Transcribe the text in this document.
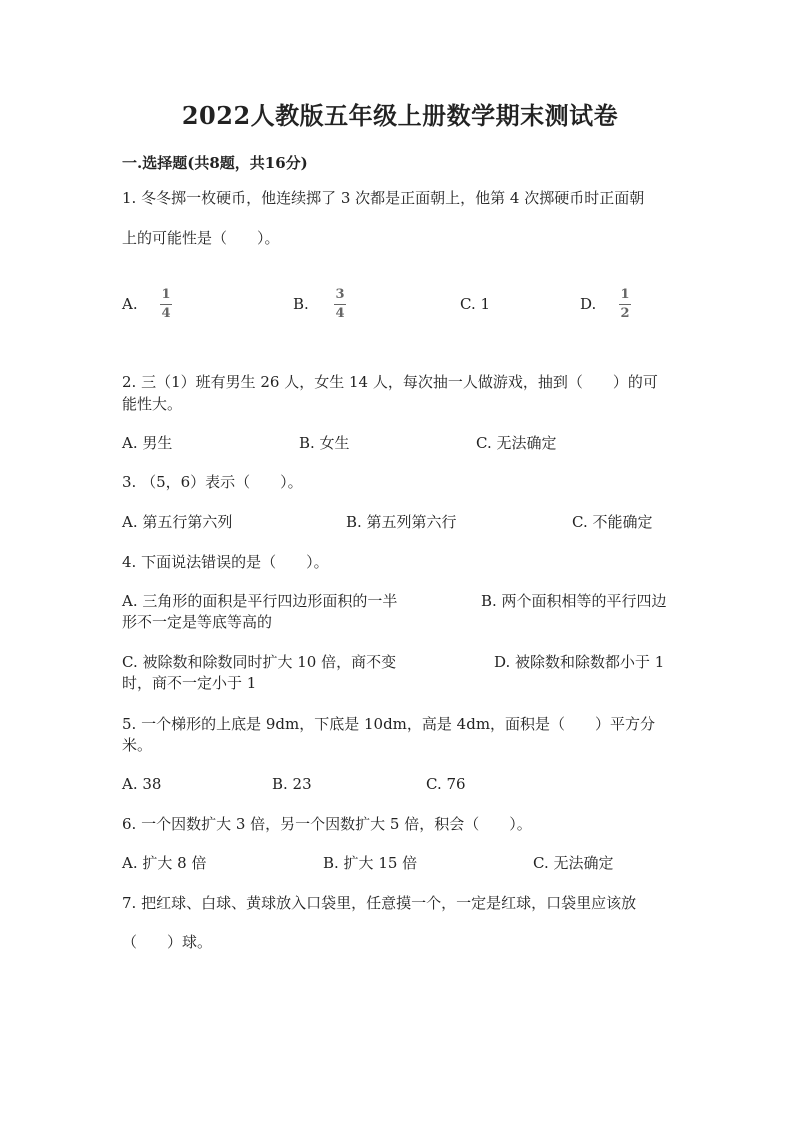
2022人教版五年级上册数学期末测试卷
一.选择题(共8题，共16分)
1. 冬冬掷一枚硬币，他连续掷了 3 次都是正面朝上，他第 4 次掷硬币时正面朝
上的可能性是（　　）。
A.
1
4
B.
3
4
C. 1	D.
1
2
2. 三（1）班有男生 26 人，女生 14 人，每次抽一人做游戏，抽到（　　）的可
能性大。
A. 男生	B. 女生	C. 无法确定
3. （5，6）表示（　　）。
A. 第五行第六列	B. 第五列第六行	C. 不能确定
4. 下面说法错误的是（　　）。
A. 三角形的面积是平行四边形面积的一半	B. 两个面积相等的平行四边
形不一定是等底等高的
C. 被除数和除数同时扩大 10 倍，商不变	D. 被除数和除数都小于 1
时，商不一定小于 1
5. 一个梯形的上底是 9dm，下底是 10dm，高是 4dm，面积是（　　）平方分
米。
A. 38	B. 23	C. 76
6. 一个因数扩大 3 倍，另一个因数扩大 5 倍，积会（　　）。
A. 扩大 8 倍	B. 扩大 15 倍	C. 无法确定
7. 把红球、白球、黄球放入口袋里，任意摸一个，一定是红球，口袋里应该放
（　　）球。
